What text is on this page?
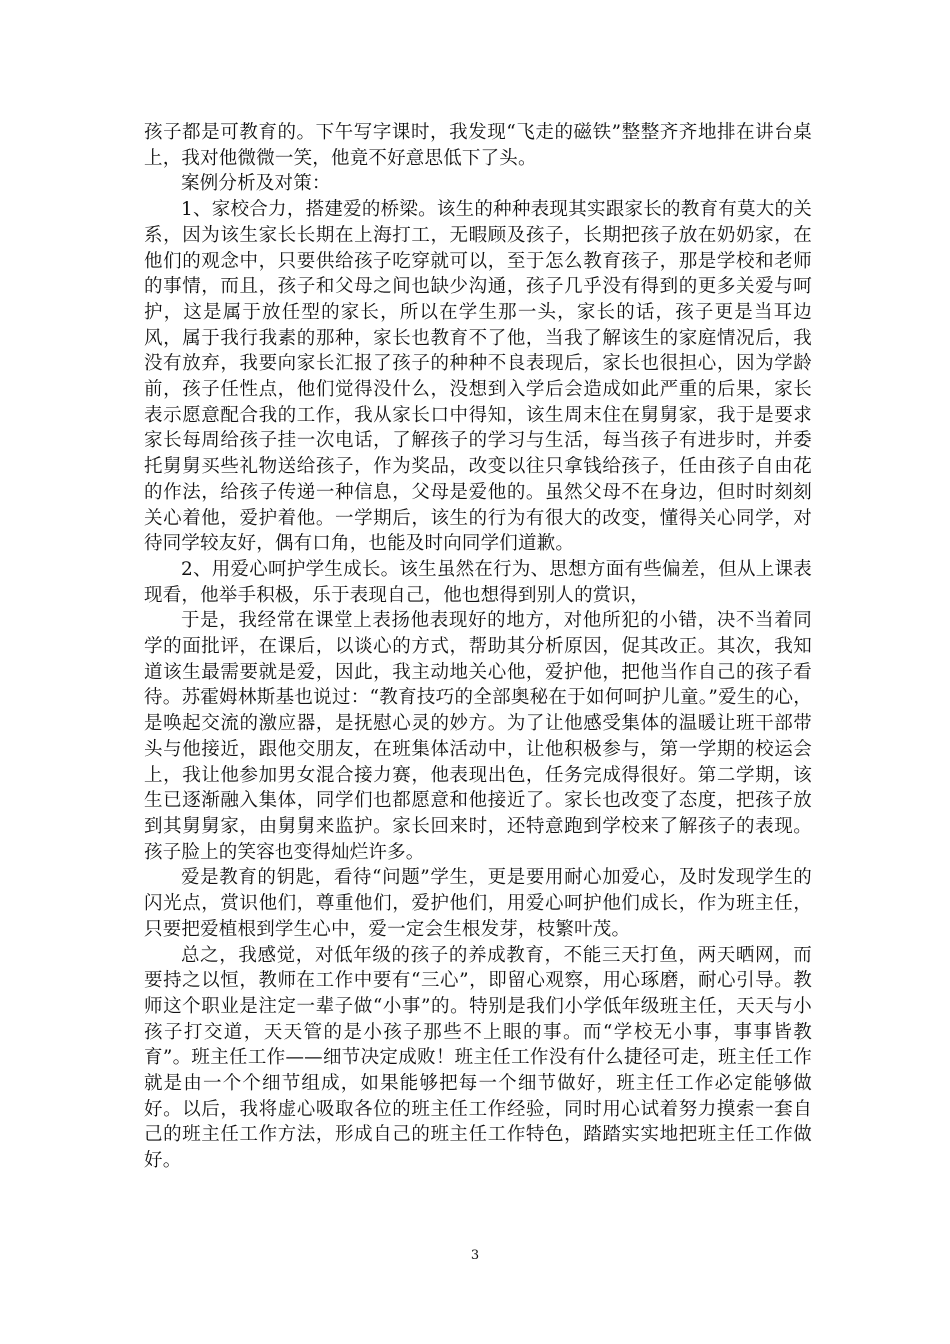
孩子都是可教育的。下午写字课时，我发现“飞走的磁铁”整整齐齐地排在讲台桌上，我对他微微一笑，他竟不好意思低下了头。

案例分析及对策：

1、家校合力，搭建爱的桥梁。该生的种种表现其实跟家长的教育有莫大的关系，因为该生家长长期在上海打工，无暇顾及孩子，长期把孩子放在奶奶家，在他们的观念中，只要供给孩子吃穿就可以，至于怎么教育孩子，那是学校和老师的事情，而且，孩子和父母之间也缺少沟通，孩子几乎没有得到的更多关爱与呵护，这是属于放任型的家长，所以在学生那一头，家长的话，孩子更是当耳边风，属于我行我素的那种，家长也教育不了他，当我了解该生的家庭情况后，我没有放弃，我要向家长汇报了孩子的种种不良表现后，家长也很担心，因为学龄前，孩子任性点，他们觉得没什么，没想到入学后会造成如此严重的后果，家长表示愿意配合我的工作，我从家长口中得知，该生周末住在舅舅家，我于是要求家长每周给孩子挂一次电话，了解孩子的学习与生活，每当孩子有进步时，并委托舅舅买些礼物送给孩子，作为奖品，改变以往只拿钱给孩子，任由孩子自由花的作法，给孩子传递一种信息，父母是爱他的。虽然父母不在身边，但时时刻刻关心着他，爱护着他。一学期后，该生的行为有很大的改变，懂得关心同学，对待同学较友好，偶有口角，也能及时向同学们道歉。

2、用爱心呵护学生成长。该生虽然在行为、思想方面有些偏差，但从上课表现看，他举手积极，乐于表现自己，他也想得到别人的赏识，

于是，我经常在课堂上表扬他表现好的地方，对他所犯的小错，决不当着同学的面批评，在课后，以谈心的方式，帮助其分析原因，促其改正。其次，我知道该生最需要就是爱，因此，我主动地关心他，爱护他，把他当作自己的孩子看待。苏霍姆林斯基也说过：“教育技巧的全部奥秘在于如何呵护儿童。”爱生的心，是唤起交流的激应器，是抚慰心灵的妙方。为了让他感受集体的温暖让班干部带头与他接近，跟他交朋友，在班集体活动中，让他积极参与，第一学期的校运会上，我让他参加男女混合接力赛，他表现出色，任务完成得很好。第二学期，该生已逐渐融入集体，同学们也都愿意和他接近了。家长也改变了态度，把孩子放到其舅舅家，由舅舅来监护。家长回来时，还特意跑到学校来了解孩子的表现。孩子脸上的笑容也变得灿烂许多。

爱是教育的钥匙，看待“问题”学生，更是要用耐心加爱心，及时发现学生的闪光点，赏识他们，尊重他们，爱护他们，用爱心呵护他们成长，作为班主任，只要把爱植根到学生心中，爱一定会生根发芽，枝繁叶茂。

总之，我感觉，对低年级的孩子的养成教育，不能三天打鱼，两天晒网，而要持之以恒，教师在工作中要有“三心”，即留心观察，用心琢磨，耐心引导。教师这个职业是注定一辈子做“小事”的。特别是我们小学低年级班主任，天天与小孩子打交道，天天管的是小孩子那些不上眼的事。而“学校无小事，事事皆教育”。班主任工作——细节决定成败！班主任工作没有什么捷径可走，班主任工作就是由一个个细节组成，如果能够把每一个细节做好，班主任工作必定能够做好。以后，我将虚心吸取各位的班主任工作经验，同时用心试着努力摸索一套自己的班主任工作方法，形成自己的班主任工作特色，踏踏实实地把班主任工作做好。

3
